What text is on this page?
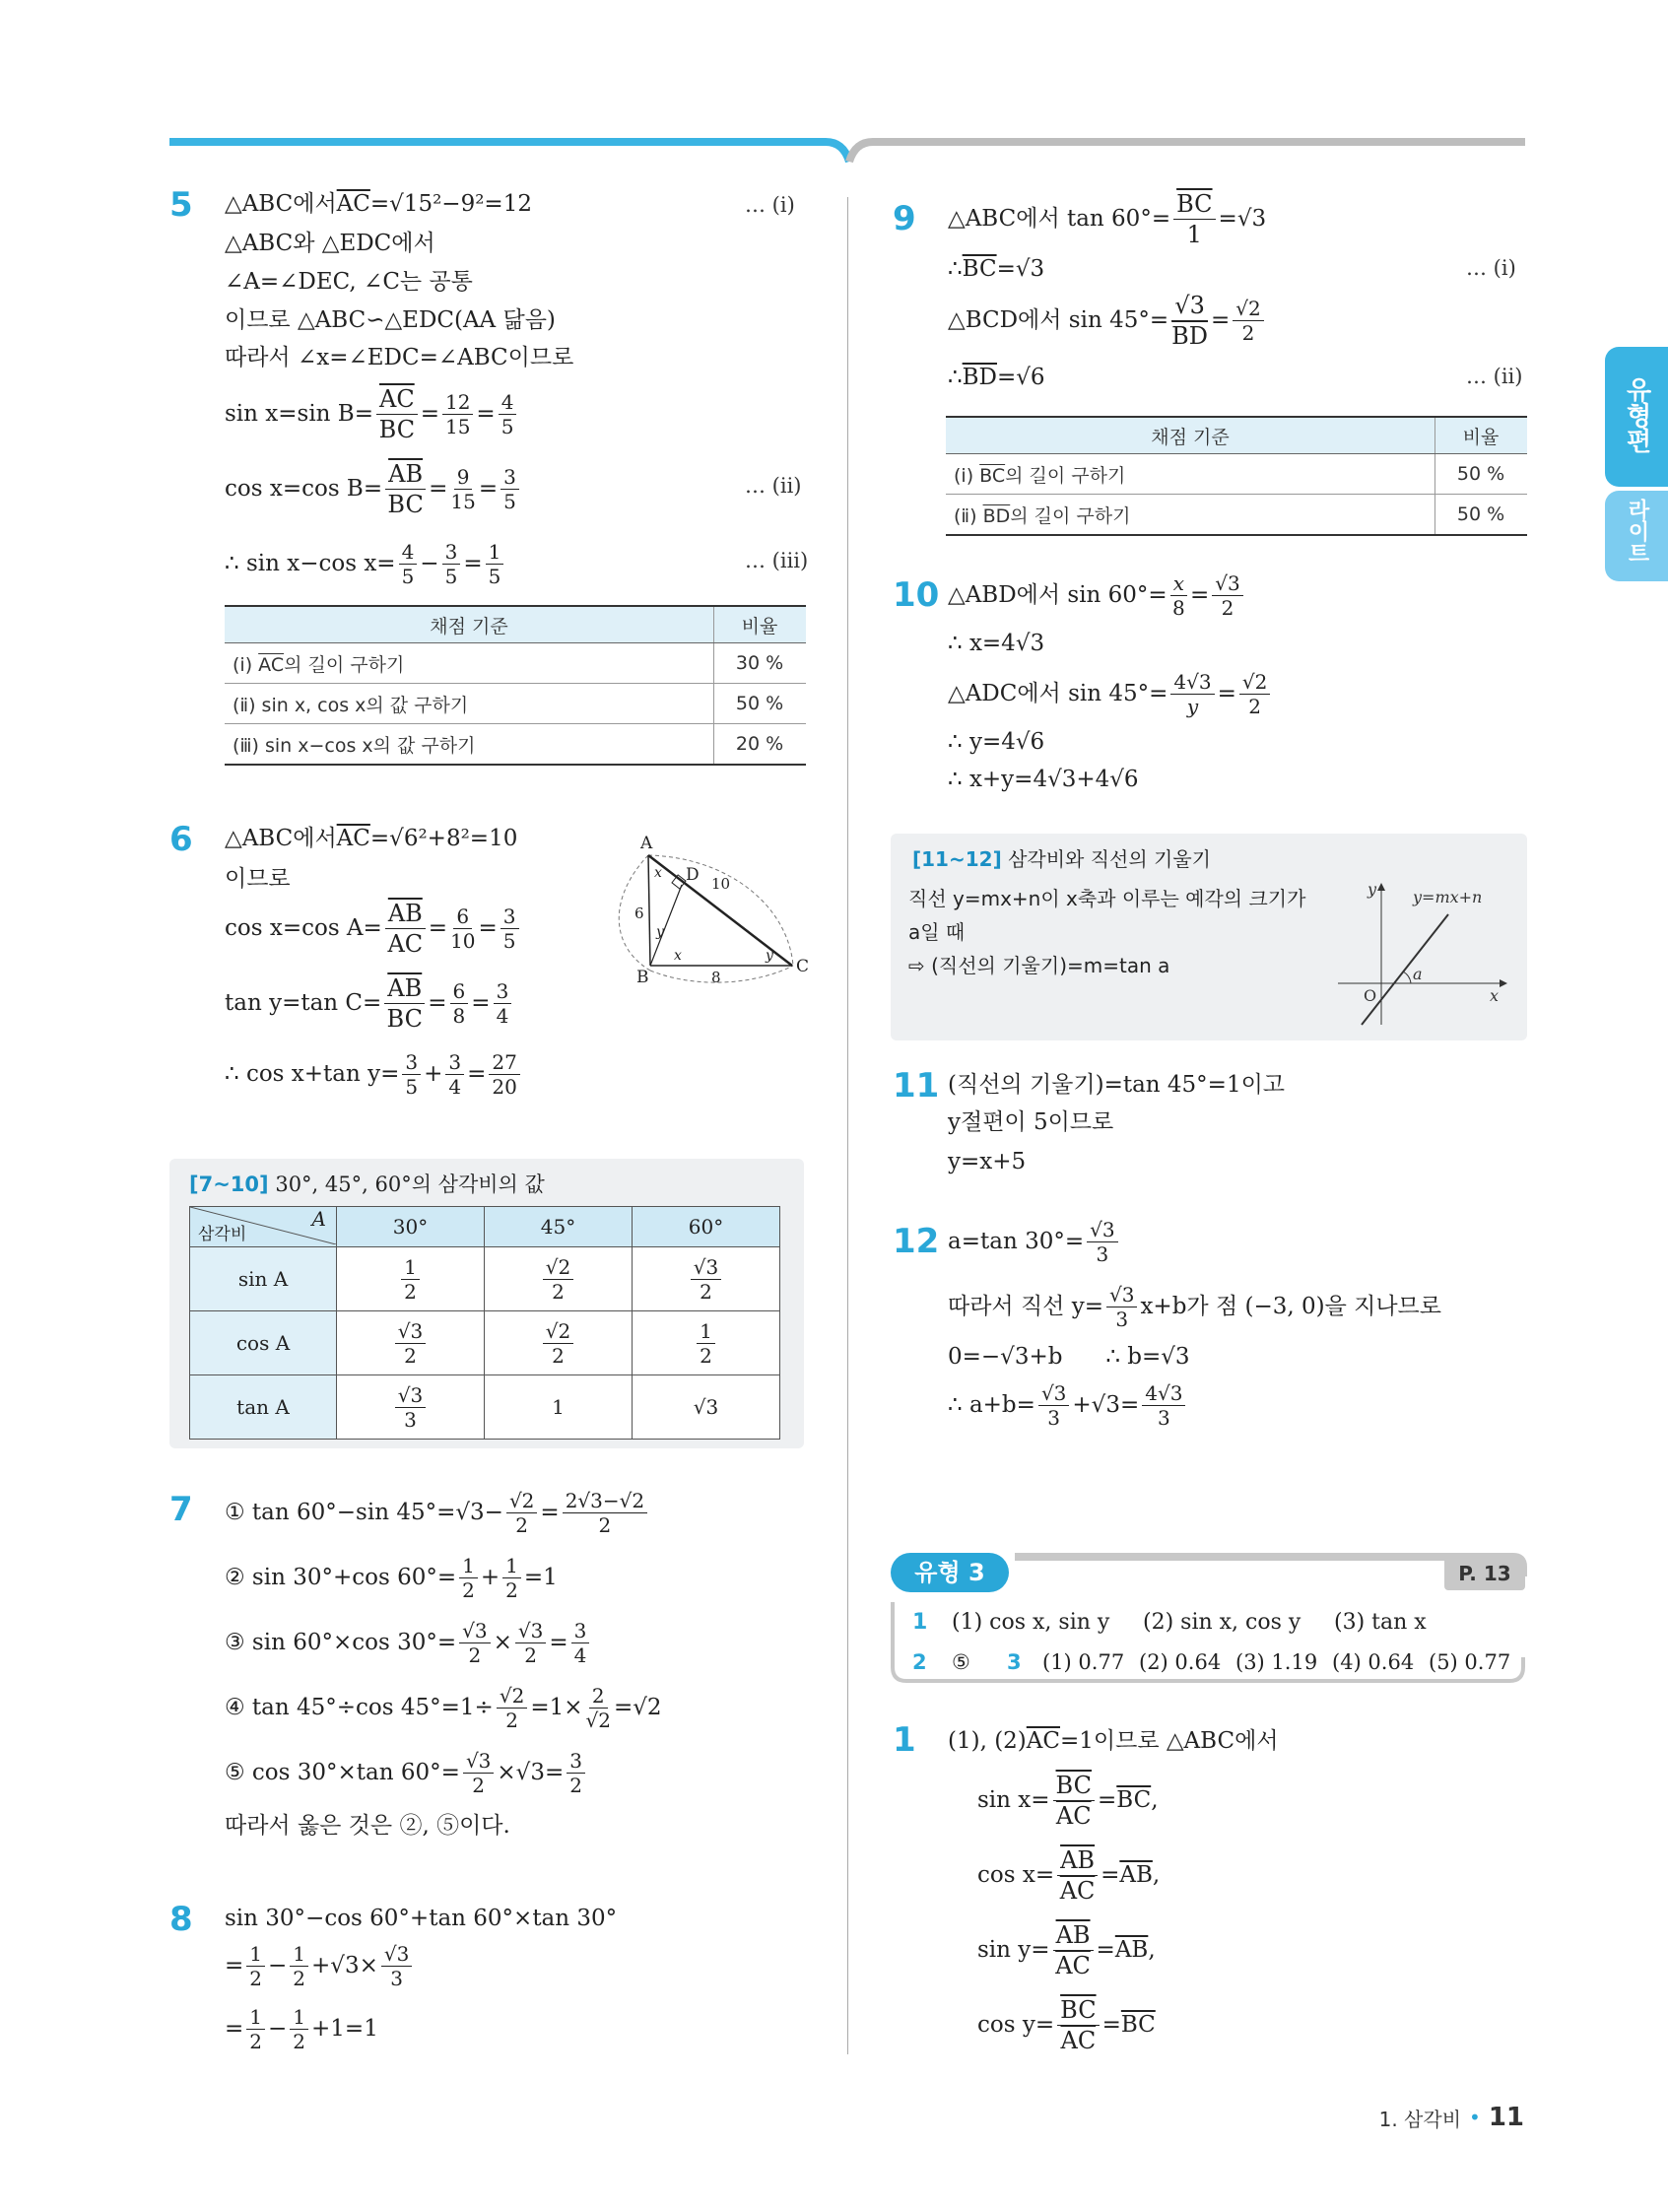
유형편
라이트
5 △ABC에서 $\overline{AC} =√15^2-9^2=12$	… (ⅰ)
△ABC와 △EDC에서
∠A=∠DEC, ∠C는 공통
이므로 △ABC∽△EDC(AA 닮음)
따라서 ∠x=∠EDC=∠ABC이므로
sin x=sin $B= \frac{\overline{AC}}{BC} = \frac{12}{15} = \frac{4}{5}$
cos x=cos $B= \frac{\overline{AB}}{BC} = \frac{9}{15} = \frac{3}{5}$	… (ⅱ)
∴ sin x−cos $x= \frac{4}{5} - \frac{3}{5} = \frac{1}{5}$	… (ⅲ)
채점 기준	비율
(ⅰ) $\overline{AC}$의 길이 구하기	30 %
(ⅱ) sin x, cos x의 값 구하기	50 %
(ⅲ) sin x−cos x의 값 구하기	20 %
6 △ABC에서 $\overline{AC} =√6^2+8^2=10$
이므로
cos x=cos $A= \frac{\overline{AB}}{AC} = \frac{6}{10} = \frac{3}{5}$
tan y=tan $C= \frac{\overline{AB}}{BC} = \frac{6}{8} = \frac{3}{4}$
∴ cos x+tan $y= \frac{3}{5} + \frac{3}{4} = \frac{27}{20}$
A
B
C
D
6
8
10
x
x
y
y
[7~10] 30°, 45°, 60°의 삼각비의 값
A
삼각비	30°	45°	60°
sin A	$\frac{1}{2}$	$\frac{√2}{2}$	$\frac{√3}{2}$

cos A	$\frac{√3}{2}$	$\frac{√2}{2}$	$\frac{1}{2}$

tan A	$\frac{√3}{3}$	1	√3
7 ① tan 60°−sin $45^\circ=√3- \frac{√2}{2} = \frac{2√3-√2}{2}$
② sin 30°+cos $60^\circ= \frac{1}{2} + \frac{1}{2} =1$
③ sin 60°×cos $30^\circ= \frac{√3}{2} \times \frac{√3}{2} = \frac{3}{4}$
④ tan 45°÷cos $45^\circ=1\div \frac{√2}{2} =1\times \frac{2}{√2} =√2$
⑤ cos 30°×tan $60^\circ= \frac{√3}{2} \times√3= \frac{3}{2}$
따라서 옳은 것은 ②, ⑤이다.
8 sin 30°−cos 60°+tan 60°×tan 30°
= $\frac{1}{2} - \frac{1}{2} +√3\times \frac{√3}{3}$
= $\frac{1}{2} - \frac{1}{2} +1=1$
9 △ABC에서 $\tan 60^\circ= \frac{\overline{BC}}{1} =√3$
∴ $\overline{BC} =√3$	… (ⅰ)
△BCD에서 $\sin 45^\circ= \frac{√3}{BD} = \frac{√2}{2}$
∴ $\overline{BD} =√6$	… (ⅱ)
채점 기준	비율
(ⅰ) $\overline{BC}$의 길이 구하기	50 %
(ⅱ) $\overline{BD}$의 길이 구하기	50 %
10 △ABD에서 $\sin 60^\circ= \frac{x}{8} = \frac{√3}{2}$
∴ x=4√3
△ADC에서 $\sin 45^\circ= \frac{4√3}{y} = \frac{√2}{2}$
∴ y=4√6
∴ x+y=4√3+4√6
[11~12] 삼각비와 직선의 기울기
직선 y=mx+n이 x축과 이루는 예각의 크기가
a일 때
⇨ (직선의 기울기)=m=tan a
y
x
O
a
y=mx+n
11 (직선의 기울기)=tan 45°=1이고
y절편이 5이므로
y=x+5
12 a=tan $30^\circ= \frac{√3}{3}$
따라서 직선 $y= \frac{√3}{3} x+b$가 점 (−3, 0)을 지나므로
0=−√3+b      ∴ b=√3
∴ $a+b= \frac{√3}{3} +√3= \frac{4√3}{3}$
유형 3	P. 13
1	(1) cos x, sin y	(2) sin x, cos y	(3) tan x
2	⑤	3	(1) 0.77 (2) 0.64 (3) 1.19 (4) 0.64 (5) 0.77
1 (1), (2) $\overline{AC} =1$이므로 △ABC에서
$\sin x= \frac{\overline{BC}}{AC} = \overline{BC}$ ,
$\cos x= \frac{\overline{AB}}{AC} = \overline{AB}$ ,
$\sin y= \frac{\overline{AB}}{AC} = \overline{AB}$ ,
$\cos y= \frac{\overline{BC}}{AC} = \overline{BC}$
1. 삼각비 • 11
